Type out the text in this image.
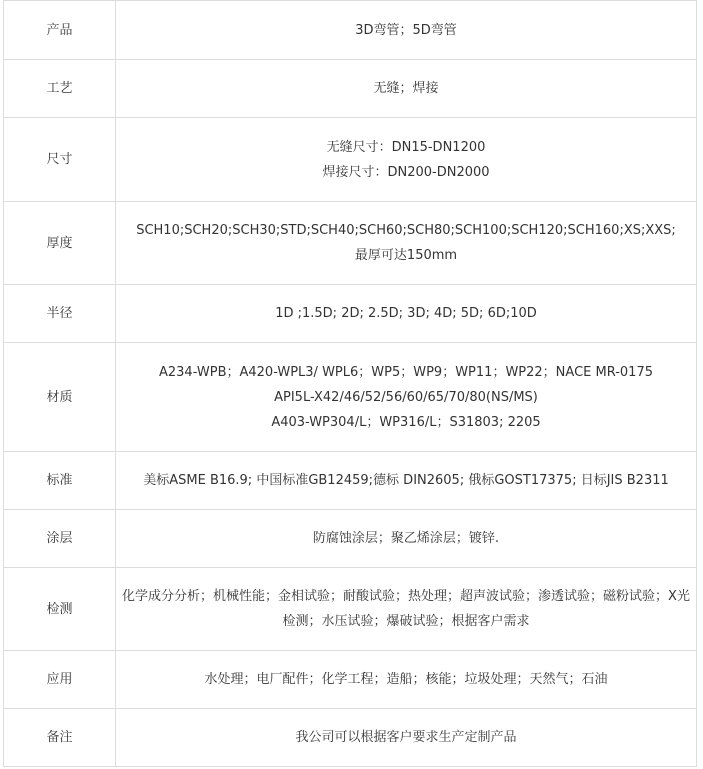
产品	3D弯管；5D弯管

工艺	无缝；焊接

尺寸	无缝尺寸：DN15-DN1200
焊接尺寸：DN200-DN2000

厚度	SCH10;SCH20;SCH30;STD;SCH40;SCH60;SCH80;SCH100;SCH120;SCH160;XS;XXS;
最厚可达150mm

半径	1D ;1.5D; 2D; 2.5D; 3D; 4D; 5D; 6D;10D

材质	A234-WPB；A420-WPL3/ WPL6；WP5；WP9；WP11；WP22；NACE MR-0175
API5L-X42/46/52/56/60/65/70/80(NS/MS)
A403-WP304/L；WP316/L；S31803; 2205

标准	美标ASME B16.9; 中国标准GB12459;德标 DIN2605; 俄标GOST17375; 日标JIS B2311

涂层	防腐蚀涂层；聚乙烯涂层；镀锌.

检测	化学成分分析；机械性能；金相试验；耐酸试验；热处理；超声波试验；渗透试验；磁粉试验；X光检测；水压试验；爆破试验；根据客户需求

应用	水处理；电厂配件；化学工程；造船；核能；垃圾处理；天然气；石油

备注	我公司可以根据客户要求生产定制产品
